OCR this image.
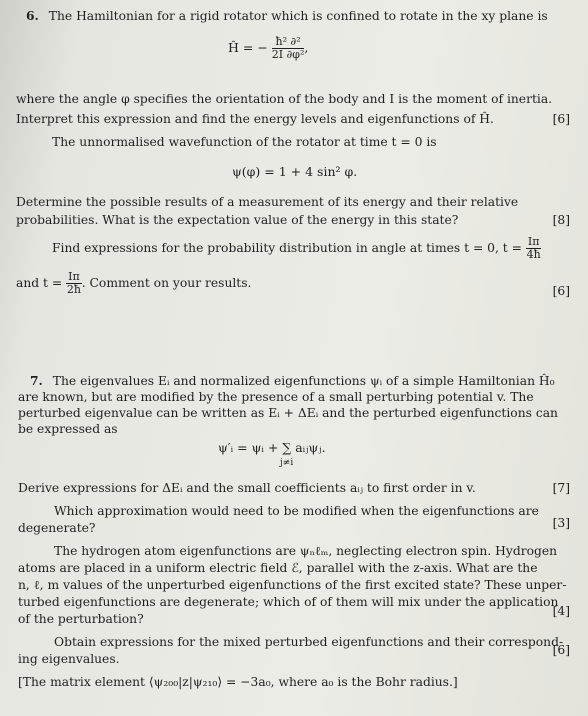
6. The Hamiltonian for a rigid rotator which is confined to rotate in the xy plane is
Ĥ = − $\frac{\text{ħ² ∂²}}{\text{2I ∂φ²}}$ ,
where the angle φ specifies the orientation of the body and I is the moment of inertia.
Interpret this expression and find the energy levels and eigenfunctions of Ĥ.	[6]
The unnormalised wavefunction of the rotator at time t = 0 is
ψ(φ) = 1 + 4 sin² φ.
Determine the possible results of a measurement of its energy and their relative
probabilities. What is the expectation value of the energy in this state?	[8]
Find expressions for the probability distribution in angle at times t = 0, $t = \frac{I\pi}{4ħ}$
and $t = \frac{I\pi}{2ħ}$ . Comment on your results.
[6]
7. The eigenvalues Eᵢ and normalized eigenfunctions ψᵢ of a simple Hamiltonian Ĥ₀
are known, but are modified by the presence of a small perturbing potential v. The
perturbed eigenvalue can be written as Eᵢ + ΔEᵢ and the perturbed eigenfunctions can
be expressed as
ψ′ᵢ = ψᵢ + ∑ aᵢⱼψⱼ.
j≠i
Derive expressions for ΔEᵢ and the small coefficients aᵢⱼ to first order in v.	[7]
Which approximation would need to be modified when the eigenfunctions are
degenerate?	[3]
The hydrogen atom eigenfunctions are ψₙℓₘ, neglecting electron spin. Hydrogen
atoms are placed in a uniform electric field ℰ, parallel with the z-axis. What are the
n, ℓ, m values of the unperturbed eigenfunctions of the first excited state? These unper-
turbed eigenfunctions are degenerate; which of of them will mix under the application
of the perturbation?
[4]
Obtain expressions for the mixed perturbed eigenfunctions and their correspond-
ing eigenvalues.
[6]
[The matrix element ⟨ψ₂₀₀|z|ψ₂₁₀⟩ = −3a₀, where a₀ is the Bohr radius.]
